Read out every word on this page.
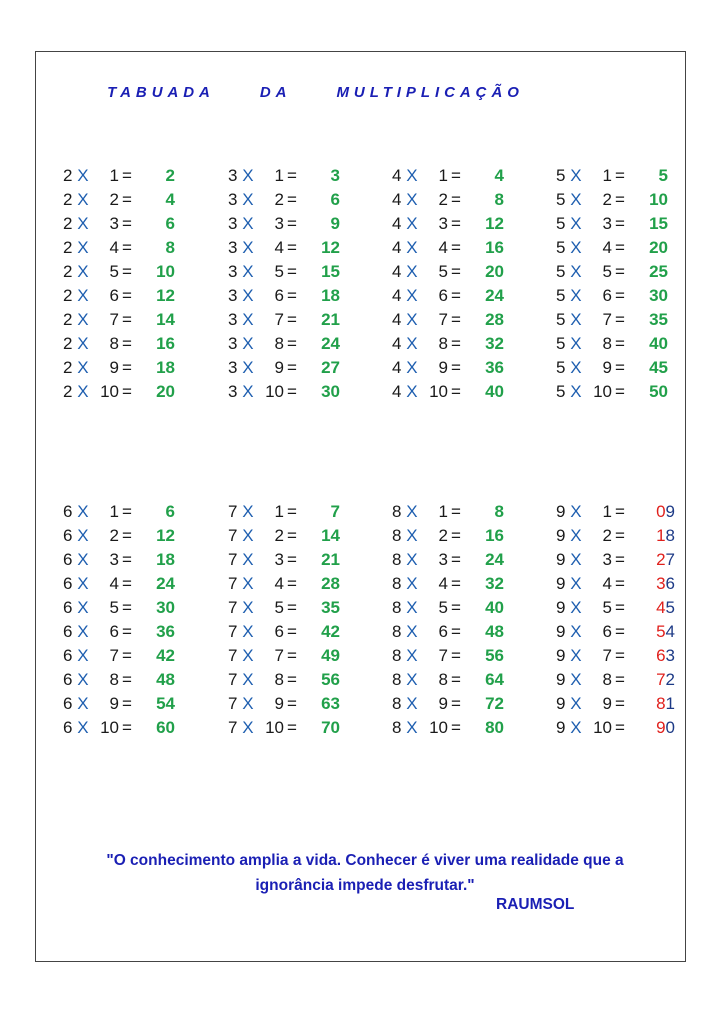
TABUADA     DA     MULTIPLICAÇÃO
2 X	1 =	2
2 X	2 =	4
2 X	3 =	6
2 X	4 =	8
2 X	5 =	10
2 X	6 =	12
2 X	7 =	14
2 X	8 =	16
2 X	9 =	18
2 X 10 =	20
3 X	1 =	3
3 X	2 =	6
3 X	3 =	9
3 X	4 =	12
3 X	5 =	15
3 X	6 =	18
3 X	7 =	21
3 X	8 =	24
3 X	9 =	27
3 X 10 =	30
4 X	1 =	4
4 X	2 =	8
4 X	3 =	12
4 X	4 =	16
4 X	5 =	20
4 X	6 =	24
4 X	7 =	28
4 X	8 =	32
4 X	9 =	36
4 X 10 =	40
5 X	1 =	5
5 X	2 =	10
5 X	3 =	15
5 X	4 =	20
5 X	5 =	25
5 X	6 =	30
5 X	7 =	35
5 X	8 =	40
5 X	9 =	45
5 X 10 =	50
6 X	1 =	6
6 X	2 =	12
6 X	3 =	18
6 X	4 =	24
6 X	5 =	30
6 X	6 =	36
6 X	7 =	42
6 X	8 =	48
6 X	9 =	54
6 X 10 =	60
7 X	1 =	7
7 X	2 =	14
7 X	3 =	21
7 X	4 =	28
7 X	5 =	35
7 X	6 =	42
7 X	7 =	49
7 X	8 =	56
7 X	9 =	63
7 X 10 =	70
8 X	1 =	8
8 X	2 =	16
8 X	3 =	24
8 X	4 =	32
8 X	5 =	40
8 X	6 =	48
8 X	7 =	56
8 X	8 =	64
8 X	9 =	72
8 X 10 =	80
9 X	1 =	09
9 X	2 =	18
9 X	3 =	27
9 X	4 =	36
9 X	5 =	45
9 X	6 =	54
9 X	7 =	63
9 X	8 =	72
9 X	9 =	81
9 X 10 =	90
"O conhecimento amplia a vida. Conhecer é viver uma realidade que a
ignorância impede desfrutar."
RAUMSOL
